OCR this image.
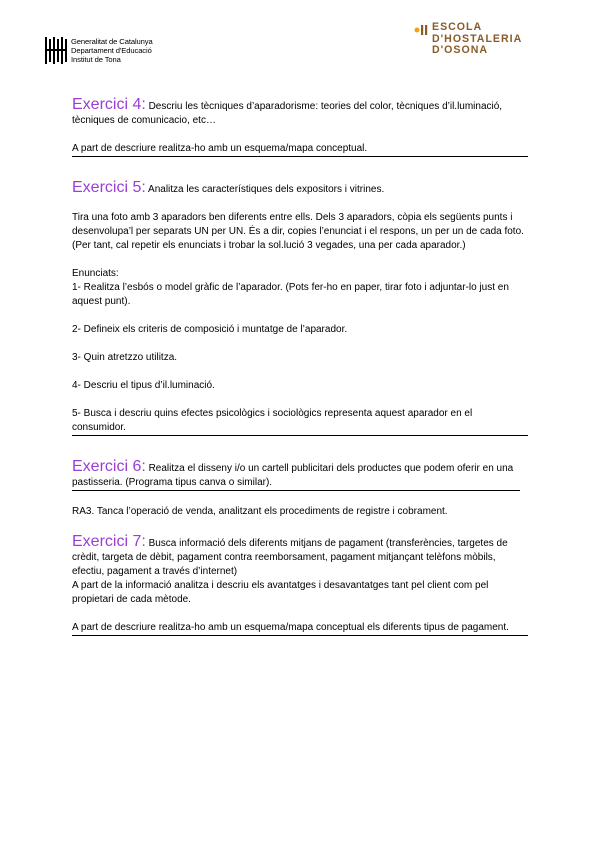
Generalitat de Catalunya
Departament d'Educació
Institut de Tona
ESCOLA
D'HOSTALERIA
D'OSONA

Exercici 4: Descriu les tècniques d’aparadorisme: teories del color, tècniques d’il.luminació, tècniques de comunicacio, etc…

A part de descriure realitza-ho amb un esquema/mapa conceptual.

Exercici 5: Analitza les característiques dels expositors i vitrines.

Tira una foto amb 3 aparadors ben diferents entre ells. Dels 3 aparadors, còpia els següents punts i desenvolupa’l per separats UN per UN. És a dir, copies l’enunciat i el respons, un per un de cada foto. (Per tant, cal repetir els enunciats i trobar la sol.lució 3 vegades, una per cada aparador.)

Enunciats:

1- Realitza l’esbós o model gràfic de l’aparador. (Pots fer-ho en paper, tirar foto i adjuntar-lo just en aquest punt).

2- Defineix els criteris de composició i muntatge de l’aparador.

3- Quin atretzzo utilitza.

4- Descriu el tipus d’il.luminació.

5- Busca i descriu quins efectes psicològics i sociològics representa aquest aparador en el consumidor.

Exercici 6: Realitza el disseny i/o un cartell publicitari dels productes que podem oferir en una pastisseria. (Programa tipus canva o similar).

RA3. Tanca l’operació de venda, analitzant els procediments de registre i cobrament.

Exercici 7: Busca informació dels diferents mitjans de pagament (transferències, targetes de crèdit, targeta de dèbit, pagament contra reemborsament, pagament mitjançant telèfons mòbils, efectiu, pagament a través d’internet)

A part de la informació analitza i descriu els avantatges i desavantatges tant pel client com pel propietari de cada mètode.

A part de descriure realitza-ho amb un esquema/mapa conceptual els diferents tipus de pagament.
